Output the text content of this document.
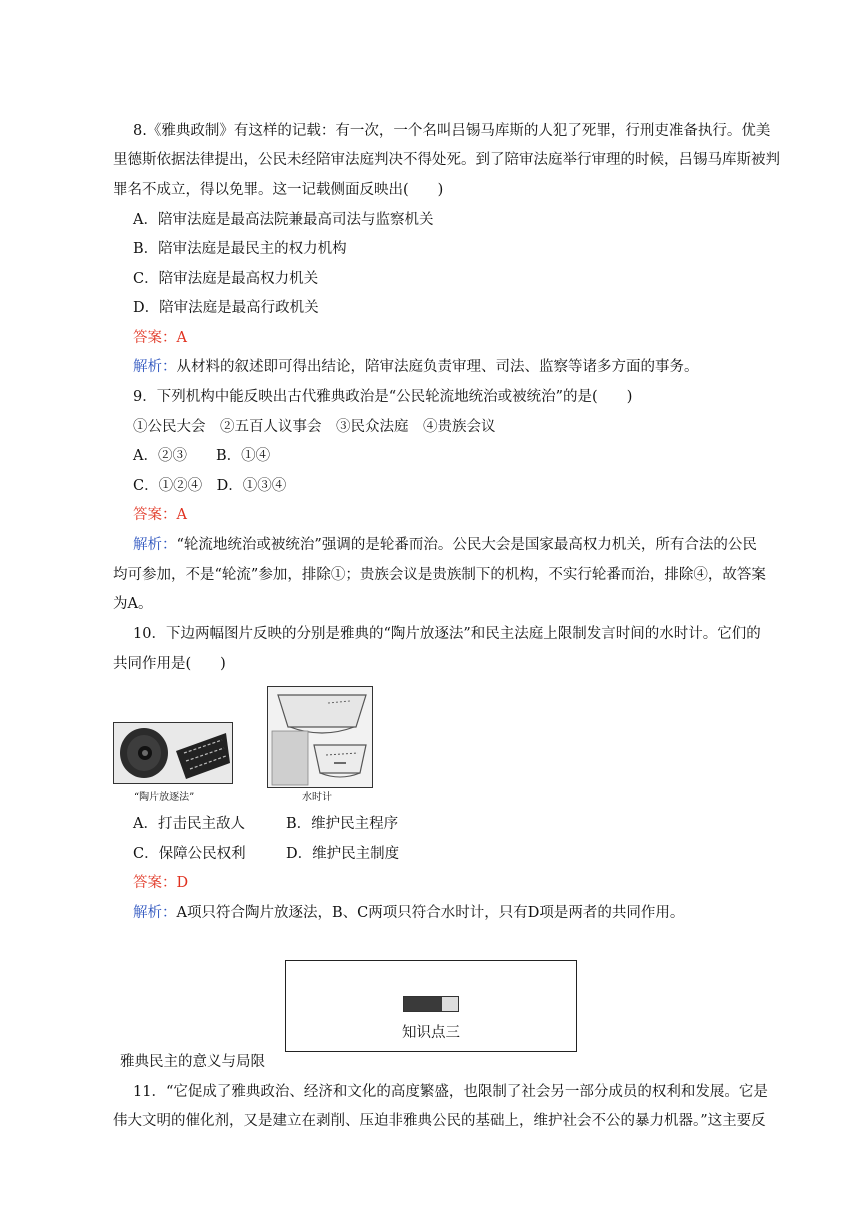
8.《雅典政制》有这样的记载：有一次，一个名叫吕锡马库斯的人犯了死罪，行刑吏准备执行。优美
里德斯依据法律提出，公民未经陪审法庭判决不得处死。到了陪审法庭举行审理的时候，吕锡马库斯被判
罪名不成立，得以免罪。这一记载侧面反映出(　　)
A．陪审法庭是最高法院兼最高司法与监察机关
B．陪审法庭是最民主的权力机构
C．陪审法庭是最高权力机关
D．陪审法庭是最高行政机关
答案：A
解析：从材料的叙述即可得出结论，陪审法庭负责审理、司法、监察等诸多方面的事务。
9．下列机构中能反映出古代雅典政治是“公民轮流地统治或被统治”的是(　　)
①公民大会　②五百人议事会　③民众法庭　④贵族会议
A．②③　　B．①④
C．①②④　D．①③④
答案：A
解析：“轮流地统治或被统治”强调的是轮番而治。公民大会是国家最高权力机关，所有合法的公民
均可参加，不是“轮流”参加，排除①；贵族会议是贵族制下的机构，不实行轮番而治，排除④，故答案
为A。
10．下边两幅图片反映的分别是雅典的“陶片放逐法”和民主法庭上限制发言时间的水时计。它们的
共同作用是(　　)
“陶片放逐法”	水时计
A．打击民主敌人	B．维护民主程序
C．保障公民权利	D．维护民主制度
答案：D
解析：A项只符合陶片放逐法，B、C两项只符合水时计，只有D项是两者的共同作用。
知识点三
雅典民主的意义与局限
11．“它促成了雅典政治、经济和文化的高度繁盛，也限制了社会另一部分成员的权利和发展。它是
伟大文明的催化剂，又是建立在剥削、压迫非雅典公民的基础上，维护社会不公的暴力机器。”这主要反
